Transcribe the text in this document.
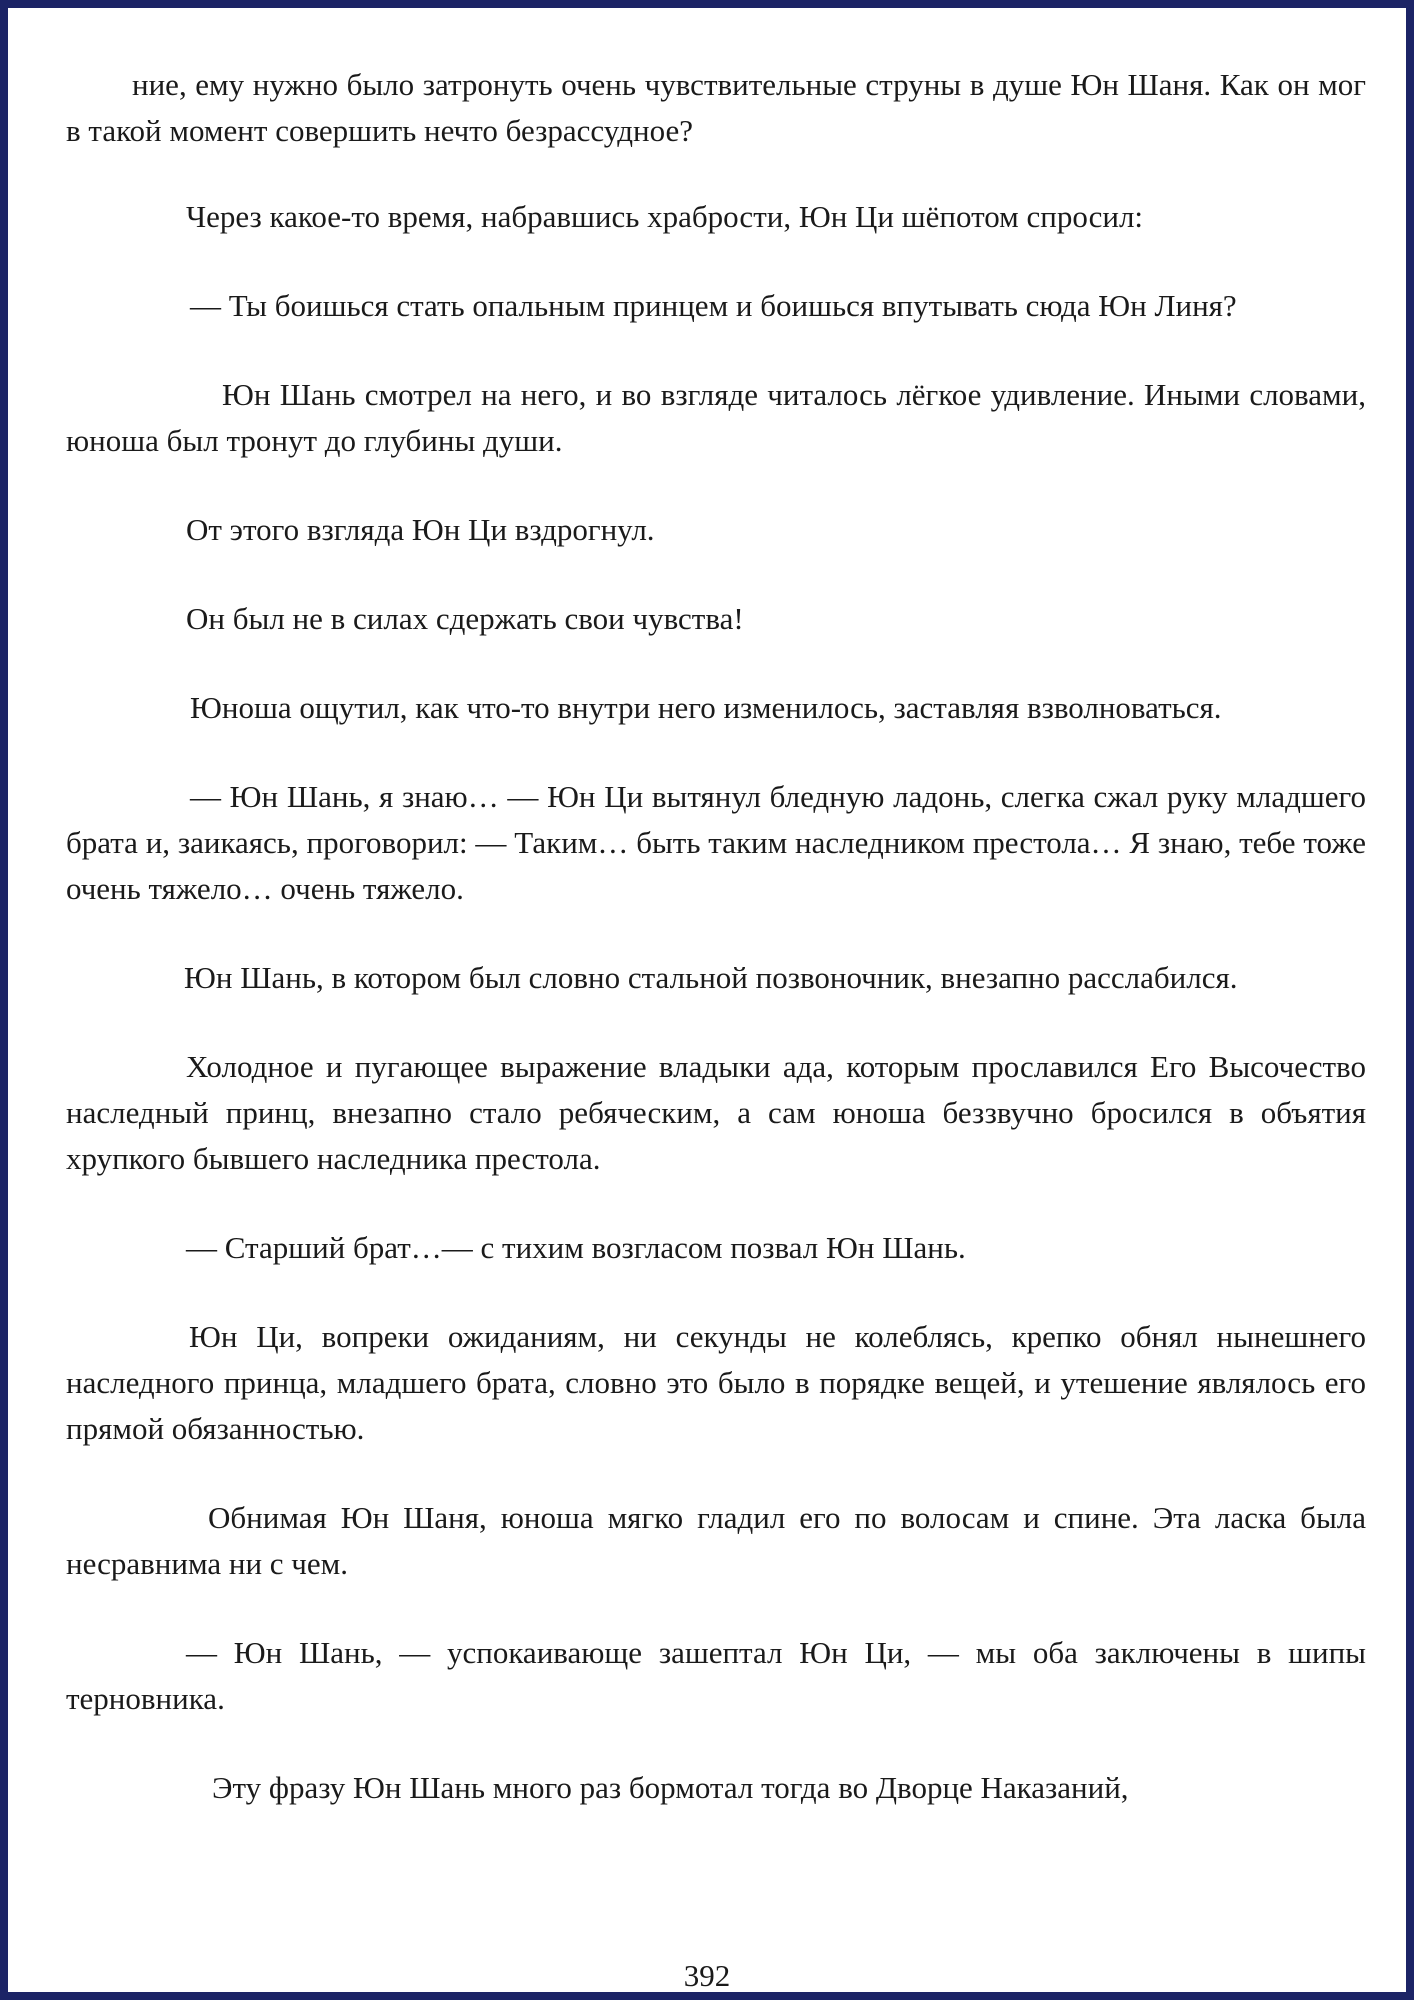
ние, ему нужно было затронуть очень чувствительные струны в душе Юн Шаня. Как он мог в такой момент совершить нечто безрассудное?

Через какое-то время, набравшись храбрости, Юн Ци шёпотом спросил:

— Ты боишься стать опальным принцем и боишься впутывать сюда Юн Линя?

Юн Шань смотрел на него, и во взгляде читалось лёгкое удивление. Иными словами, юноша был тронут до глубины души.

От этого взгляда Юн Ци вздрогнул.

Он был не в силах сдержать свои чувства!

Юноша ощутил, как что-то внутри него изменилось, заставляя взволноваться.

— Юн Шань, я знаю… — Юн Ци вытянул бледную ладонь, слегка сжал руку младшего брата и, заикаясь, проговорил: — Таким… быть таким наследником престола… Я знаю, тебе тоже очень тяжело… очень тяжело.

Юн Шань, в котором был словно стальной позвоночник, внезапно расслабился.

Холодное и пугающее выражение владыки ада, которым прославился Его Высочество наследный принц, внезапно стало ребяческим, а сам юноша беззвучно бросился в объятия хрупкого бывшего наследника престола.

— Старший брат…— с тихим возгласом позвал Юн Шань.

Юн Ци, вопреки ожиданиям, ни секунды не колеблясь, крепко обнял нынешнего наследного принца, младшего брата, словно это было в порядке вещей, и утешение являлось его прямой обязанностью.

Обнимая Юн Шаня, юноша мягко гладил его по волосам и спине. Эта ласка была несравнима ни с чем.

— Юн Шань, — успокаивающе зашептал Юн Ци, — мы оба заключены в шипы терновника.

Эту фразу Юн Шань много раз бормотал тогда во Дворце Наказаний,

392
